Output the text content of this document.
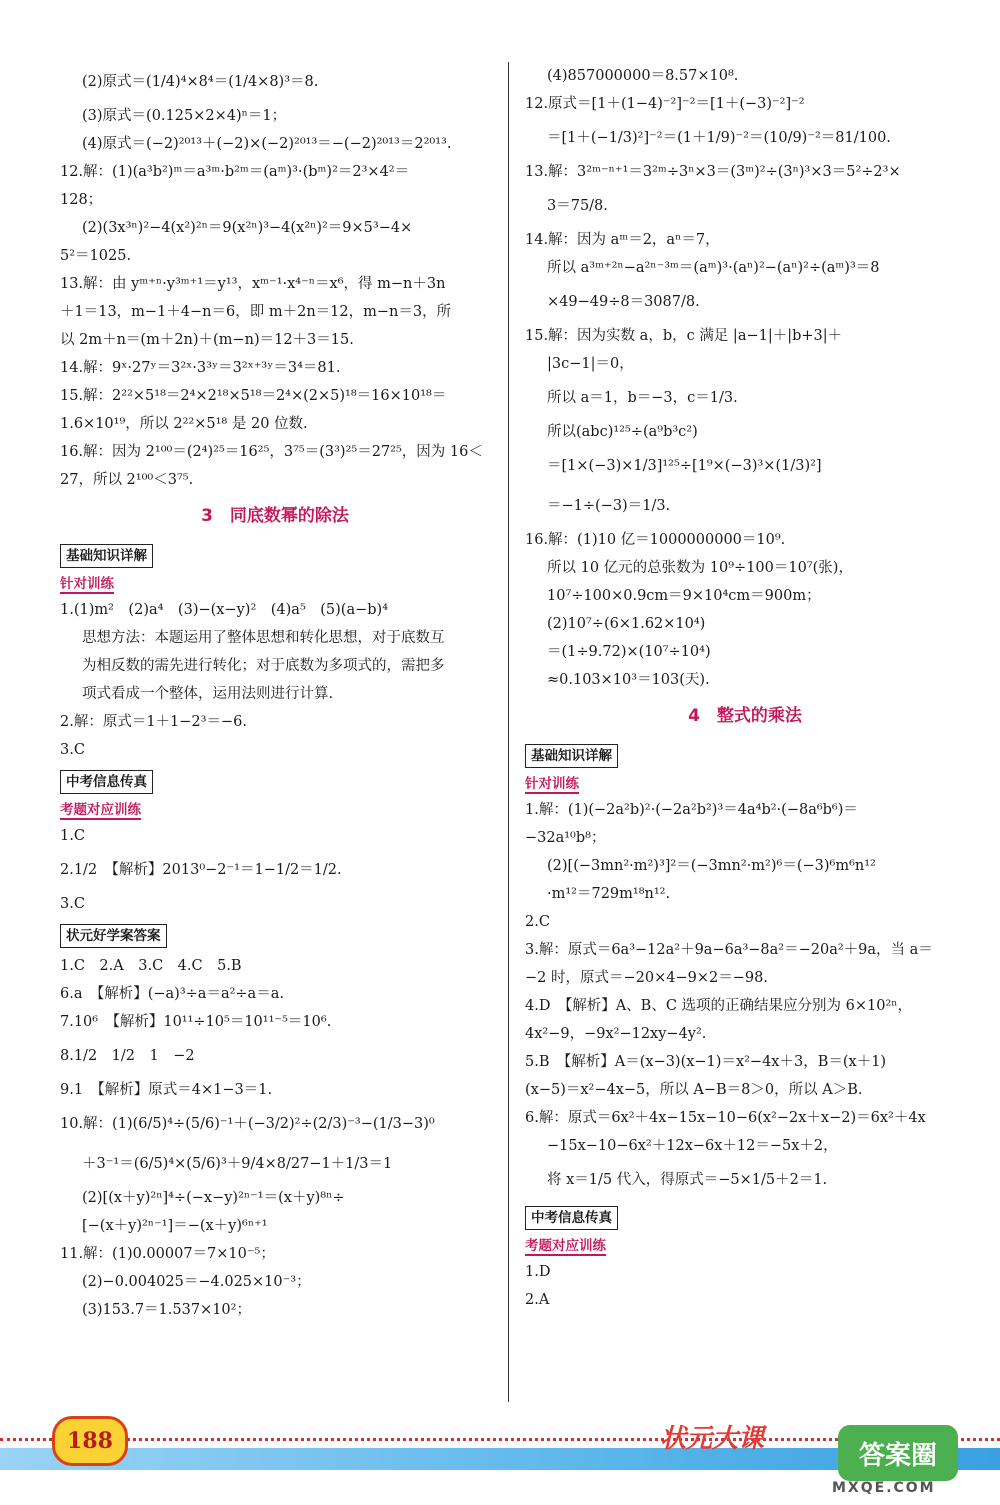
(2)原式＝(1/4)⁴×8⁴＝(1/4×8)³＝8.
(3)原式＝(0.125×2×4)ⁿ＝1；
(4)原式＝(−2)²⁰¹³＋(−2)×(−2)²⁰¹³＝−(−2)²⁰¹³＝2²⁰¹³.
12.解：(1)(a³b²)ᵐ＝a³ᵐ·b²ᵐ＝(aᵐ)³·(bᵐ)²＝2³×4²＝
128；
(2)(3x³ⁿ)²−4(x²)²ⁿ＝9(x²ⁿ)³−4(x²ⁿ)²＝9×5³−4×
5²＝1025.
13.解：由 yᵐ⁺ⁿ·y³ᵐ⁺¹＝y¹³，xᵐ⁻¹·x⁴⁻ⁿ＝x⁶，得 m−n＋3n
＋1＝13，m−1＋4−n＝6，即 m＋2n＝12，m−n＝3，所
以 2m＋n＝(m＋2n)＋(m−n)＝12＋3＝15.
14.解：9ˣ·27ʸ＝3²ˣ·3³ʸ＝3²ˣ⁺³ʸ＝3⁴＝81.
15.解：2²²×5¹⁸＝2⁴×2¹⁸×5¹⁸＝2⁴×(2×5)¹⁸＝16×10¹⁸＝
1.6×10¹⁹，所以 2²²×5¹⁸ 是 20 位数.
16.解：因为 2¹⁰⁰＝(2⁴)²⁵＝16²⁵，3⁷⁵＝(3³)²⁵＝27²⁵，因为 16＜
27，所以 2¹⁰⁰＜3⁷⁵.
3　同底数幂的除法
基础知识详解
针对训练
1.(1)m²　(2)a⁴　(3)−(x−y)²　(4)a⁵　(5)(a−b)⁴
思想方法：本题运用了整体思想和转化思想，对于底数互
为相反数的需先进行转化；对于底数为多项式的，需把多
项式看成一个整体，运用法则进行计算.
2.解：原式＝1＋1−2³＝−6.
3.C
中考信息传真
考题对应训练
1.C
2.1/2　【解析】2013⁰−2⁻¹＝1−1/2＝1/2.
3.C
状元好学案答案
1.C　2.A　3.C　4.C　5.B
6.a　【解析】(−a)³÷a＝a²÷a＝a.
7.10⁶　【解析】10¹¹÷10⁵＝10¹¹⁻⁵＝10⁶.
8.1/2　1/2　1　−2
9.1　【解析】原式＝4×1−3＝1.
10.解：(1)(6/5)⁴÷(5/6)⁻¹＋(−3/2)²÷(2/3)⁻³−(1/3−3)⁰
＋3⁻¹＝(6/5)⁴×(5/6)³＋9/4×8/27−1＋1/3＝1
(2)[(x＋y)²ⁿ]⁴÷(−x−y)²ⁿ⁻¹＝(x＋y)⁸ⁿ÷
[−(x＋y)²ⁿ⁻¹]＝−(x＋y)⁶ⁿ⁺¹
11.解：(1)0.00007＝7×10⁻⁵；
(2)−0.004025＝−4.025×10⁻³；
(3)153.7＝1.537×10²；
(4)857000000＝8.57×10⁸.
12.原式＝[1＋(1−4)⁻²]⁻²＝[1＋(−3)⁻²]⁻²
＝[1＋(−1/3)²]⁻²＝(1＋1/9)⁻²＝(10/9)⁻²＝81/100.
13.解：3²ᵐ⁻ⁿ⁺¹＝3²ᵐ÷3ⁿ×3＝(3ᵐ)²÷(3ⁿ)³×3＝5²÷2³×
3＝75/8.
14.解：因为 aᵐ＝2，aⁿ＝7，
所以 a³ᵐ⁺²ⁿ−a²ⁿ⁻³ᵐ＝(aᵐ)³·(aⁿ)²−(aⁿ)²÷(aᵐ)³＝8
×49−49÷8＝3087/8.
15.解：因为实数 a，b，c 满足 |a−1|＋|b+3|＋
|3c−1|＝0，
所以 a＝1，b＝−3，c＝1/3.
所以(abc)¹²⁵÷(a⁹b³c²)
＝[1×(−3)×1/3]¹²⁵÷[1⁹×(−3)³×(1/3)²]
＝−1÷(−3)＝1/3.
16.解：(1)10 亿＝1000000000＝10⁹.
所以 10 亿元的总张数为 10⁹÷100＝10⁷(张)，
10⁷÷100×0.9cm＝9×10⁴cm＝900m；
(2)10⁷÷(6×1.62×10⁴)
＝(1÷9.72)×(10⁷÷10⁴)
≈0.103×10³＝103(天).
4　整式的乘法
基础知识详解
针对训练
1.解：(1)(−2a²b)²·(−2a²b²)³＝4a⁴b²·(−8a⁶b⁶)＝
−32a¹⁰b⁸；
(2)[(−3mn²·m²)³]²＝(−3mn²·m²)⁶＝(−3)⁶m⁶n¹²
·m¹²＝729m¹⁸n¹².
2.C
3.解：原式＝6a³−12a²＋9a−6a³−8a²＝−20a²＋9a，当 a＝
−2 时，原式＝−20×4−9×2＝−98.
4.D　【解析】A、B、C 选项的正确结果应分别为 6×10²ⁿ，
4x²−9，−9x²−12xy−4y².
5.B　【解析】A＝(x−3)(x−1)＝x²−4x＋3，B＝(x＋1)
(x−5)＝x²−4x−5，所以 A−B＝8＞0，所以 A＞B.
6.解：原式＝6x²＋4x−15x−10−6(x²−2x＋x−2)＝6x²＋4x
−15x−10−6x²＋12x−6x＋12＝−5x＋2，
将 x＝1/5 代入，得原式＝−5×1/5＋2＝1.
中考信息传真
考题对应训练
1.D
2.A
188	状元大课
答案圈
MXQE.COM
